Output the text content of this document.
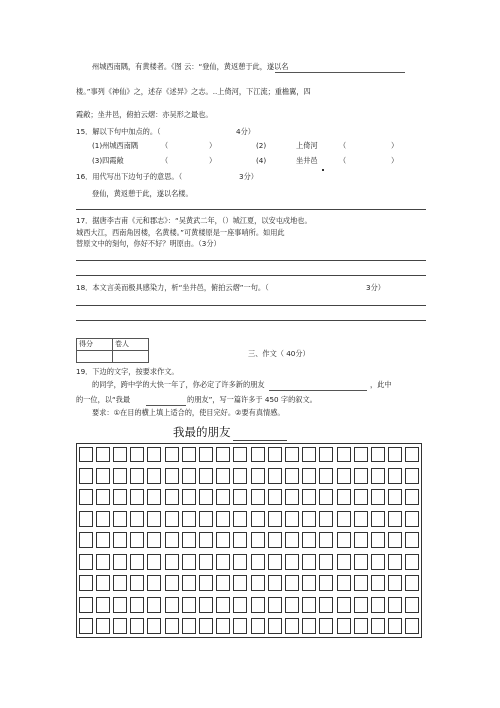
州城西南隅，有黄楼者。《图 云：“登仙，黄返憩于此，遂以名
楼。”事列《神仙》之，述存《述异》之志。..上倚河，下江流；重檐翼，四
霞敞；坐井邑，俯拍云熠：亦吴形之最也。
15．解以下句中加点的。（	4分）
(1)州城西南隅	（	）	(2)	上倚河	（	）
(3)四霞敞	（	）	(4)	坐井邑	（	）
16．用代写出下边句子的意思。（	3分）
登仙，黄返憩于此，遂以名楼。
17．据唐李吉甫《元和郡志》：“吴黄武二年，（）城江夏，以安屯戍地也。
城西大江，西南角因楼，名黄楼。”可黄楼原是一座事哨所。如用此
替原文中的刻句，你好不好？明原由。（3分）
18．本文言美而极具感染力，析“坐井邑，俯拍云熠”一句。（	3分）
得分	卷人

三、作文（ 40分）
19．下边的文字，按要求作文。
的同学，跨中学的大快一年了，你必定了许多新的朋友	，此中
的一位，以“我最	的朋友”，写一篇许多于 450 字的叙文。
要求：①在目的横上填上适合的，使目完好。②要有真情感。
我最的朋友
